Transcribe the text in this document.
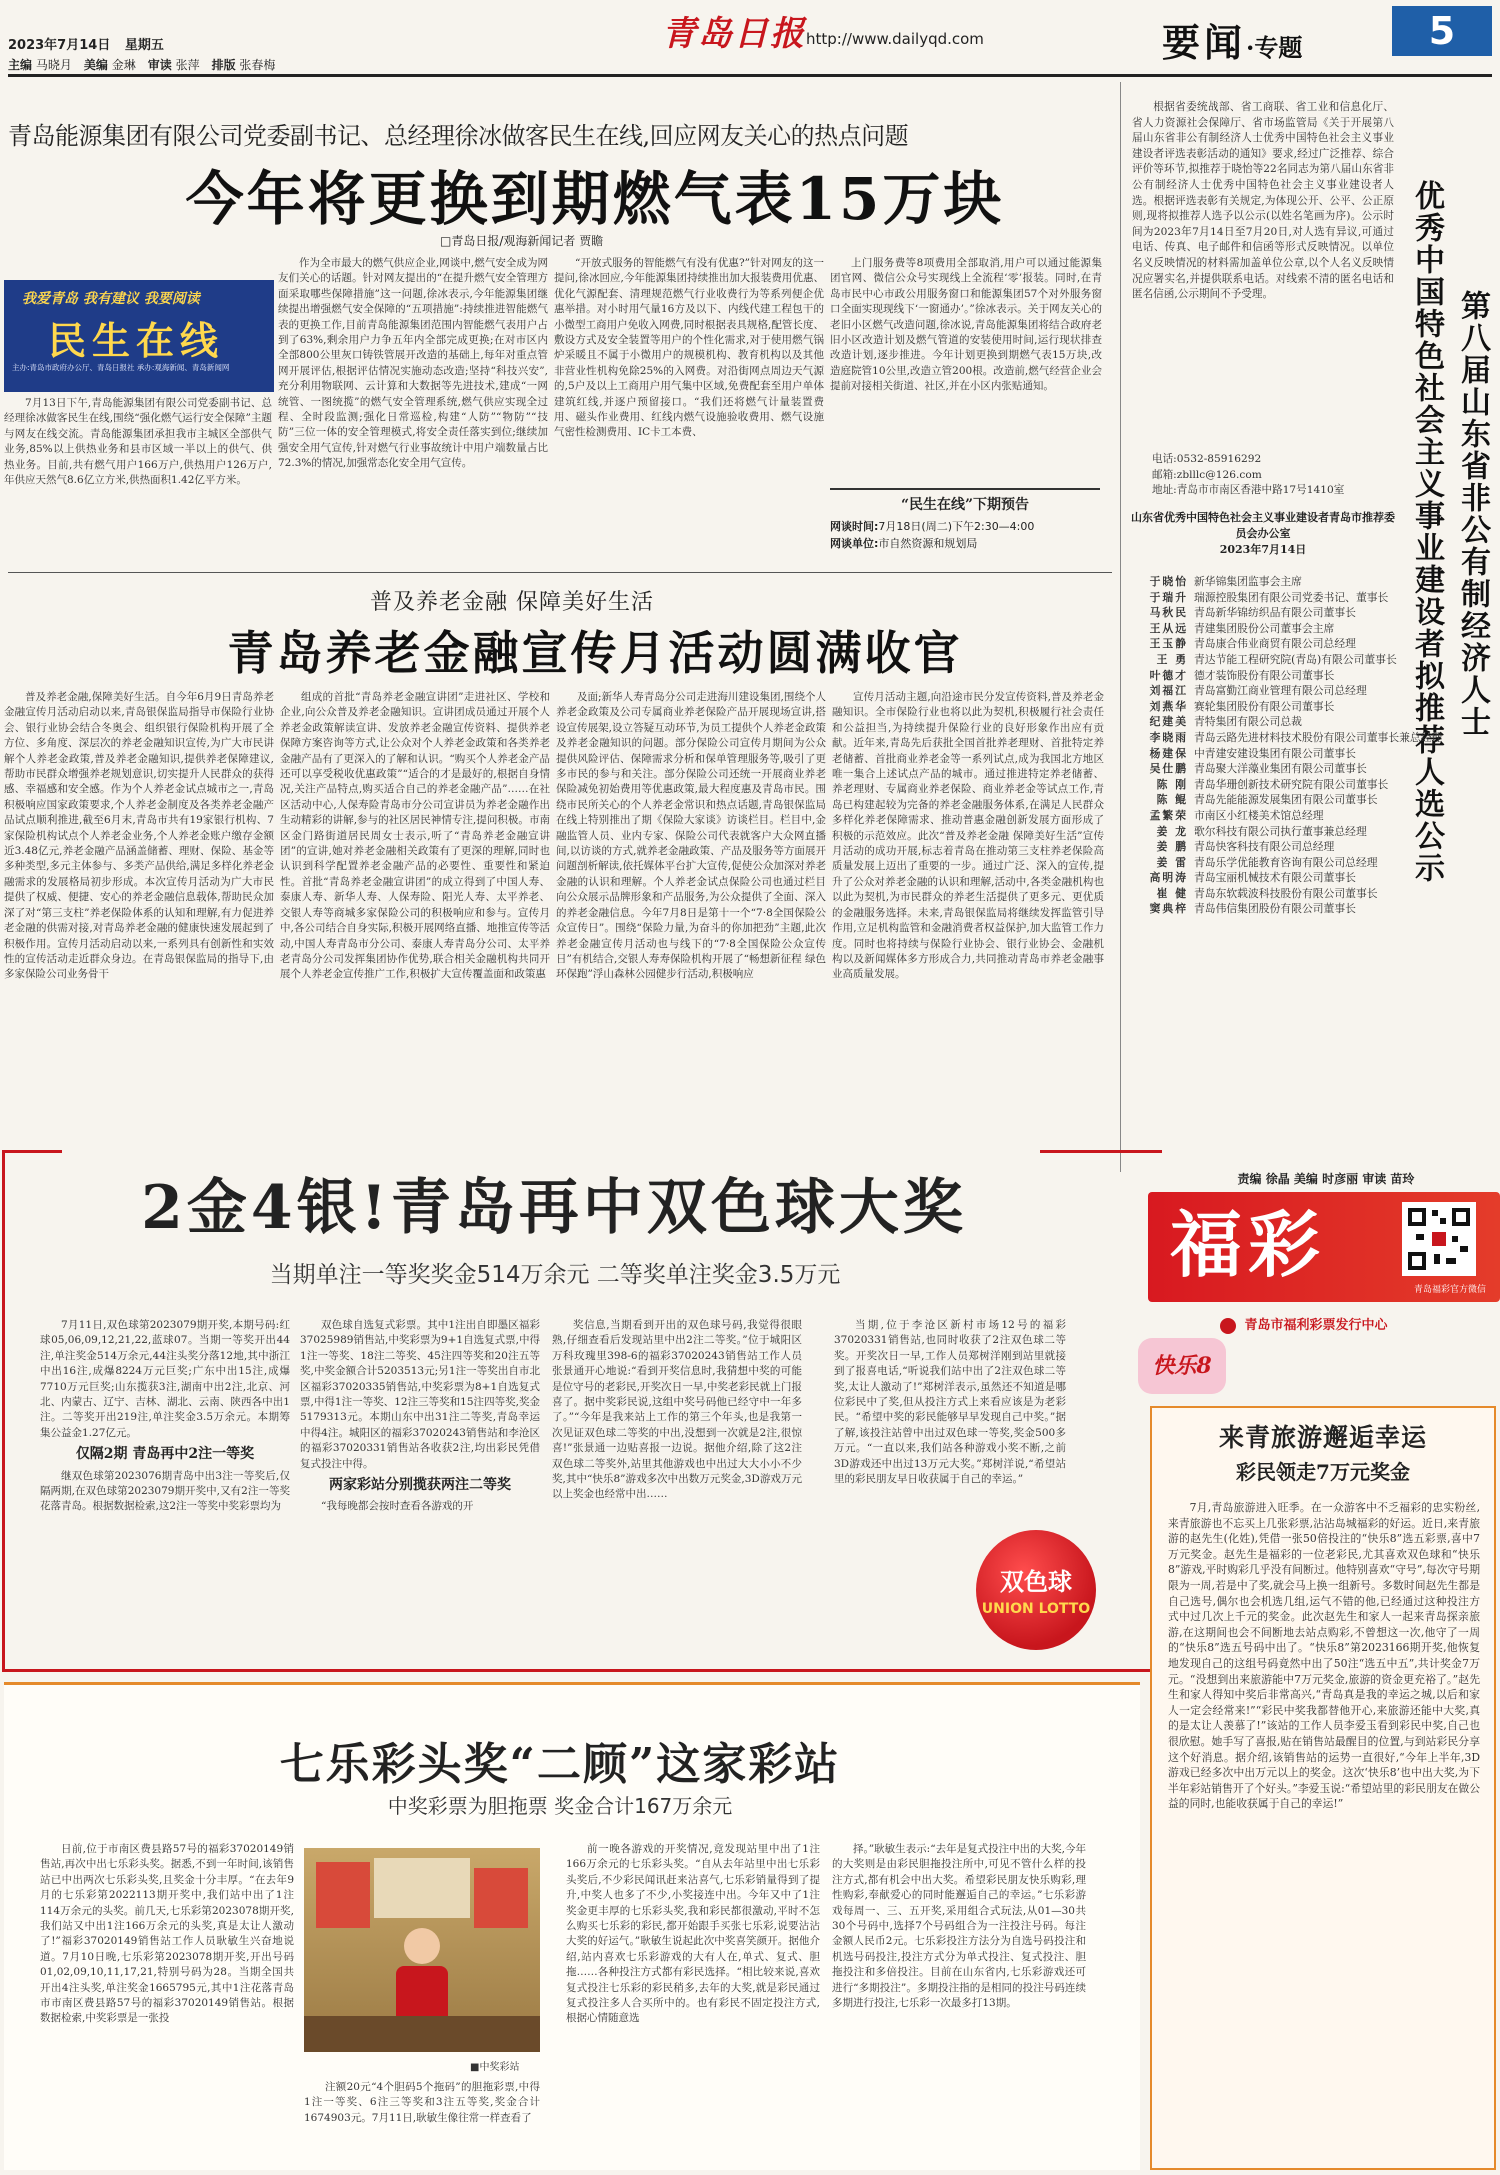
2023年7月14日 星期五
主编 马晓月 美编 金琳 审读 张萍 排版 张春梅
青岛日报 http://www.dailyqd.com	要闻·专题	5
青岛能源集团有限公司党委副书记、总经理徐冰做客民生在线,回应网友关心的热点问题
今年将更换到期燃气表15万块
□青岛日报/观海新闻记者 贾瞻
我爱青岛 我有建议 我要阅读
民生在线
主办:青岛市政府办公厅、青岛日报社 承办:观海新闻、青岛新闻网

7月13日下午,青岛能源集团有限公司党委副书记、总经理徐冰做客民生在线,围绕“强化燃气运行安全保障”主题与网友在线交流。青岛能源集团承担我市主城区全部供气业务,85%以上供热业务和县市区域一半以上的供气、供热业务。目前,共有燃气用户166万户,供热用户126万户,年供应天然气8.6亿立方米,供热面积1.42亿平方米。

作为全市最大的燃气供应企业,网谈中,燃气安全成为网友们关心的话题。针对网友提出的“在提升燃气安全管理方面采取哪些保障措施”这一问题,徐冰表示,今年能源集团继续提出增强燃气安全保障的“五项措施”:持续推进智能燃气表的更换工作,目前青岛能源集团范围内智能燃气表用户占到了63%,剩余用户力争五年内全部完成更换;在对市区内全部800公里灰口铸铁管展开改造的基础上,每年对重点管网开展评估,根据评估情况实施动态改造;坚持“科技兴安”,充分利用物联网、云计算和大数据等先进技术,建成“一网统管、一图统揽”的燃气安全管理系统,燃气供应实现全过程、全时段监测;强化日常巡检,构建“人防”“物防”“技防”三位一体的安全管理模式,将安全责任落实到位;继续加强安全用气宣传,针对燃气行业事故统计中用户端数量占比72.3%的情况,加强常态化安全用气宣传。

“开放式服务的智能燃气有没有优惠?”针对网友的这一提问,徐冰回应,今年能源集团持续推出加大报装费用优惠、优化气源配套、清理规范燃气行业收费行为等系列便企优惠举措。对小时用气量16方及以下、内线代建工程包干的小微型工商用户免收入网费,同时根据表具规格,配管长度、敷设方式及安全装置等用户的个性化需求,对于使用燃气锅炉采暖且不属于小微用户的规模机构、教育机构以及其他非营业性机构免除25%的入网费。对沿街网点周边天气源的,5户及以上工商用户用气集中区域,免费配套至用户单体建筑红线,并逐户预留接口。“我们还将燃气计量装置费用、磁头作业费用、红线内燃气设施验收费用、燃气设施气密性检测费用、IC卡工本费、

上门服务费等8项费用全部取消,用户可以通过能源集团官网、微信公众号实现线上全流程‘零’报装。同时,在青岛市民中心市政公用服务窗口和能源集团57个对外服务窗口全面实现现线下‘一窗通办’。”徐冰表示。关于网友关心的老旧小区燃气改造问题,徐冰说,青岛能源集团将结合政府老旧小区改造计划及燃气管道的安装使用时间,运行现状排查改造计划,逐步推进。今年计划更换到期燃气表15万块,改造庭院管10公里,改造立管200根。改造前,燃气经营企业会提前对接相关街道、社区,并在小区内张贴通知。

“民生在线”下期预告
网谈时间:7月18日(周二)下午2:30—4:00
网谈单位:市自然资源和规划局	第八届山东省非公有制经济人士
优秀中国特色社会主义事业建设者拟推荐人选公示

根据省委统战部、省工商联、省工业和信息化厅、省人力资源社会保障厅、省市场监管局《关于开展第八届山东省非公有制经济人士优秀中国特色社会主义事业建设者评选表彰活动的通知》要求,经过广泛推荐、综合评价等环节,拟推荐于晓怡等22名同志为第八届山东省非公有制经济人士优秀中国特色社会主义事业建设者人选。根据评选表彰有关规定,为体现公开、公平、公正原则,现将拟推荐人选予以公示(以姓名笔画为序)。公示时间为2023年7月14日至7月20日,对人选有异议,可通过电话、传真、电子邮件和信函等形式反映情况。以单位名义反映情况的材料需加盖单位公章,以个人名义反映情况应署实名,并提供联系电话。对线索不清的匿名电话和匿名信函,公示期间不予受理。

电话:0532-85916292
邮箱:zblllc@126.com
地址:青岛市市南区香港中路17号1410室
山东省优秀中国特色社会主义事业建设者青岛市推荐委员会办公室
2023年7月14日
于晓怡 新华锦集团监事会主席
于瑞升 瑞源控股集团有限公司党委书记、董事长
马秋民 青岛新华锦纺织品有限公司董事长
王从远 青建集团股份公司董事会主席
王玉静 青岛康合伟业商贸有限公司总经理
王 勇 青达节能工程研究院(青岛)有限公司董事长
叶德才 德才装饰股份有限公司董事长
刘福江 青岛富勤江商业管理有限公司总经理
刘燕华 赛轮集团股份有限公司董事长
纪建美 青特集团有限公司总裁
李晓雨 青岛云路先进材料技术股份有限公司董事长兼总经理
杨建保 中青建安建设集团有限公司董事长
吴仕鹏 青岛聚大洋藻业集团有限公司董事长
陈 刚 青岛华珊创新技术研究院有限公司董事长
陈 鲲 青岛先能能源发展集团有限公司董事长
孟繁荣 市南区小红楼美术馆总经理
姜 龙 歌尔科技有限公司执行董事兼总经理
姜 鹏 青岛快客科技有限公司总经理
姜 雷 青岛乐学优能教育咨询有限公司总经理
高明涛 青岛宝丽机械技术有限公司董事长
崔 健 青岛东软载波科技股份有限公司董事长
窦典梓 青岛伟信集团股份有限公司董事长
普及养老金融 保障美好生活
青岛养老金融宣传月活动圆满收官

普及养老金融,保障美好生活。自今年6月9日青岛养老金融宣传月活动启动以来,青岛银保监局指导市保险行业协会、银行业协会结合冬奥会、组织银行保险机构开展了全方位、多角度、深层次的养老金融知识宣传,为广大市民讲解个人养老金政策,普及养老金融知识,提供养老保障建议,帮助市民群众增强养老规划意识,切实提升人民群众的获得感、幸福感和安全感。作为个人养老金试点城市之一,青岛积极响应国家政策要求,个人养老金制度及各类养老金融产品试点顺利推进,截至6月末,青岛市共有19家银行机构、7家保险机构试点个人养老金业务,个人养老金账户缴存金额近3.48亿元,养老金融产品涵盖储蓄、理财、保险、基金等多种类型,多元主体参与、多类产品供给,满足多样化养老金融需求的发展格局初步形成。本次宣传月活动为广大市民提供了权威、便捷、安心的养老金融信息载体,帮助民众加深了对“第三支柱”养老保险体系的认知和理解,有力促进养老金融的供需对接,对青岛养老金融的健康快速发展起到了积极作用。宣传月活动启动以来,一系列具有创新性和实效性的宣传活动走近群众身边。在青岛银保监局的指导下,由多家保险公司业务骨干

组成的首批“青岛养老金融宣讲团”走进社区、学校和企业,向公众普及养老金融知识。宣讲团成员通过开展个人养老金政策解读宣讲、发放养老金融宣传资料、提供养老保障方案咨询等方式,让公众对个人养老金政策和各类养老金融产品有了更深入的了解和认识。“购买个人养老金产品还可以享受税收优惠政策”“适合的才是最好的,根据自身情况,关注产品特点,购买适合自己的养老金融产品”……在社区活动中心,人保寿险青岛市分公司宣讲员为养老金融作出生动精彩的讲解,参与的社区居民神情专注,提问积极。市南区金门路街道居民周女士表示,听了“青岛养老金融宣讲团”的宣讲,她对养老金融相关政策有了更深的理解,同时也认识到科学配置养老金融产品的必要性、重要性和紧迫性。首批“青岛养老金融宣讲团”的成立得到了中国人寿、泰康人寿、新华人寿、人保寿险、阳光人寿、太平养老、交银人寿等商城多家保险公司的积极响应和参与。宣传月中,各公司结合自身实际,积极开展网络直播、地推宣传等活动,中国人寿青岛市分公司、泰康人寿青岛分公司、太平养老青岛分公司发挥集团协作优势,联合相关金融机构共同开展个人养老金宣传推广工作,积极扩大宣传覆盖面和政策惠

及面;新华人寿青岛分公司走进海川建设集团,围绕个人养老金政策及公司专属商业养老保险产品开展现场宣讲,搭设宣传展架,设立答疑互动环节,为员工提供个人养老金政策及养老金融知识的问题。部分保险公司宣传月期间为公众提供风险评估、保障需求分析和保单管理服务等,吸引了更多市民的参与和关注。部分保险公司还统一开展商业养老保险减免初始费用等优惠政策,最大程度惠及青岛市民。围绕市民所关心的个人养老金常识和热点话题,青岛银保监局在线上特别推出了期《保险大家谈》访谈栏目。栏目中,金融监管人员、业内专家、保险公司代表就客户大众网直播间,以访谈的方式,就养老金融政策、产品及服务等方面展开问题剖析解读,依托媒体平台扩大宣传,促使公众加深对养老金融的认识和理解。个人养老金试点保险公司也通过栏目向公众展示品牌形象和产品服务,为公众提供了全面、深入的养老金融信息。今年7月8日是第十一个“7·8全国保险公众宣传日”。围绕“保险力量,为奋斗的你加把劲”主题,此次养老金融宣传月活动也与线下的“7·8全国保险公众宣传日”有机结合,交银人寿寿保险机构开展了“畅想新征程 绿色环保跑”浮山森林公园健步行活动,积极响应

宣传月活动主题,向沿途市民分发宣传资料,普及养老金融知识。全市保险行业也将以此为契机,积极履行社会责任和公益担当,为持续提升保险行业的良好形象作出应有贡献。近年来,青岛先后获批全国首批养老理财、首批特定养老储蓄、首批商业养老金等一系列试点,成为我国北方地区唯一集合上述试点产品的城市。通过推进特定养老储蓄、养老理财、专属商业养老保险、商业养老金等试点工作,青岛已构建起较为完备的养老金融服务体系,在满足人民群众多样化养老保障需求、推动普惠金融创新发展方面形成了积极的示范效应。此次“普及养老金融 保障美好生活”宣传月活动的成功开展,标志着青岛在推动第三支柱养老保险高质量发展上迈出了重要的一步。通过广泛、深入的宣传,提升了公众对养老金融的认识和理解,活动中,各类金融机构也以此为契机,为市民群众的养老生活提供了更多元、更优质的金融服务选择。未来,青岛银保监局将继续发挥监管引导作用,立足机构监管和金融消费者权益保护,加大监管工作力度。同时也将持续与保险行业协会、银行业协会、金融机构以及新闻媒体多方形成合力,共同推动青岛市养老金融事业高质量发展。

2金4银!青岛再中双色球大奖
当期单注一等奖奖金514万余元 二等奖单注奖金3.5万元
责编 徐晶 美编 时彦丽 审读 苗玲

7月11日,双色球第2023079期开奖,本期号码:红球05,06,09,12,21,22,蓝球07。当期一等奖开出44注,单注奖金514万余元,44注头奖分落12地,其中浙江中出16注,成爆8224万元巨奖;广东中出15注,成爆7710万元巨奖;山东揽获3注,湖南中出2注,北京、河北、内蒙古、辽宁、吉林、湖北、云南、陕西各中出1注。二等奖开出219注,单注奖金3.5万余元。本期筹集公益金1.27亿元。

仅隔2期 青岛再中2注一等奖

继双色球第2023076期青岛中出3注一等奖后,仅隔两期,在双色球第2023079期开奖中,又有2注一等奖花落青岛。根据数据检索,这2注一等奖中奖彩票均为

双色球自选复式彩票。其中1注出自即墨区福彩37025989销售站,中奖彩票为9+1自选复式票,中得1注一等奖、18注二等奖、45注四等奖和20注五等奖,中奖金额合计5203513元;另1注一等奖出自市北区福彩37020335销售站,中奖彩票为8+1自选复式票,中得1注一等奖、12注三等奖和15注四等奖,奖金5179313元。本期山东中出31注二等奖,青岛幸运中得4注。城阳区的福彩37020243销售站和李沧区的福彩37020331销售站各收获2注,均出彩民凭借复式投注中得。

两家彩站分别揽获两注二等奖

“我每晚都会按时查看各游戏的开

奖信息,当期看到开出的双色球号码,我觉得很眼熟,仔细查看后发现站里中出2注二等奖。”位于城阳区万科玫瑰里398-6的福彩37020243销售站工作人员张景通开心地说:“看到开奖信息时,我猜想中奖的可能是位守号的老彩民,开奖次日一早,中奖老彩民就上门报喜了。据中奖彩民说,这组中奖号码他已经守中一年多了。”“今年是我来站上工作的第三个年头,也是我第一次见证双色球二等奖的中出,没想到一次就是2注,很惊喜!”张景通一边贴喜报一边说。据他介绍,除了这2注双色球二等奖外,站里其他游戏也中出过大大小小不少奖,其中“快乐8”游戏多次中出数万元奖金,3D游戏万元以上奖金也经常中出……

当期,位于李沧区新村市场12号的福彩37020331销售站,也同时收获了2注双色球二等奖。开奖次日一早,工作人员郑树洋刚到站里就接到了报喜电话,“听说我们站中出了2注双色球二等奖,太让人激动了!”郑树洋表示,虽然还不知道是哪位彩民中了奖,但从投注方式上来看应该是为老彩民。“希望中奖的彩民能够早早发现自己中奖。”据了解,该投注站曾中出过双色球一等奖,奖金500多万元。“一直以来,我们站各种游戏小奖不断,之前3D游戏还中出过13万元大奖。”郑树洋说,“希望站里的彩民朋友早日收获属于自己的幸运。”

双色球
UNION LOTTO
福彩
青岛福彩官方微信
青岛市福利彩票发行中心
快乐8
来青旅游邂逅幸运
彩民领走7万元奖金

7月,青岛旅游进入旺季。在一众游客中不乏福彩的忠实粉丝,来青旅游也不忘买上几张彩票,沾沾岛城福彩的好运。近日,来青旅游的赵先生(化姓),凭借一张50倍投注的“快乐8”选五彩票,喜中7万元奖金。赵先生是福彩的一位老彩民,尤其喜欢双色球和“快乐8”游戏,平时购彩几乎没有间断过。他特别喜欢“守号”,每次守号期限为一周,若是中了奖,就会马上换一组新号。多数时间赵先生都是自己选号,偶尔也会机选几组,运气不错的他,已经通过这种投注方式中过几次上千元的奖金。此次赵先生和家人一起来青岛探亲旅游,在这期间也会不间断地去站点购彩,不曾想这一次,他守了一周的“快乐8”选五号码中出了。“快乐8”第2023166期开奖,他恢复地发现自己的这组号码竟然中出了50注“选五中五”,共计奖金7万元。“没想到出来旅游能中7万元奖金,旅游的资金更充裕了。”赵先生和家人得知中奖后非常高兴,“青岛真是我的幸运之城,以后和家人一定会经常来!”“彩民中奖我都替他开心,来旅游还能中大奖,真的是太让人羡慕了!”该站的工作人员李爱玉看到彩民中奖,自己也很欣慰。她手写了喜报,贴在销售站最醒目的位置,与到站彩民分享这个好消息。据介绍,该销售站的运势一直很好,“今年上半年,3D游戏已经多次中出万元以上的奖金。这次‘快乐8’也中出大奖,为下半年彩站销售开了个好头。”李爱玉说:“希望站里的彩民朋友在做公益的同时,也能收获属于自己的幸运!”

七乐彩头奖“二顾”这家彩站
中奖彩票为胆拖票 奖金合计167万余元

日前,位于市南区费县路57号的福彩37020149销售站,再次中出七乐彩头奖。据悉,不到一年时间,该销售站已中出两次七乐彩头奖,且奖金十分丰厚。“在去年9月的七乐彩第2022113期开奖中,我们站中出了1注114万余元的头奖。前几天,七乐彩第2023078期开奖,我们站又中出1注166万余元的头奖,真是太让人激动了!”福彩37020149销售站工作人员耿敏生兴奋地说道。7月10日晚,七乐彩第2023078期开奖,开出号码01,02,09,10,11,17,21,特别号码为28。当期全国共开出4注头奖,单注奖金1665795元,其中1注花落青岛市市南区费县路57号的福彩37020149销售站。根据数据检索,中奖彩票是一张投

■中奖彩站

注额20元“4个胆码5个拖码”的胆拖彩票,中得1注一等奖、6注三等奖和3注五等奖,奖金合计1674903元。7月11日,耿敏生像往常一样查看了

前一晚各游戏的开奖情况,竟发现站里中出了1注166万余元的七乐彩头奖。“自从去年站里中出七乐彩头奖后,不少彩民闻讯赶来沾喜气,七乐彩销量得到了提升,中奖人也多了不少,小奖接连中出。今年又中了1注奖金更丰厚的七乐彩头奖,我和彩民都很激动,平时不怎么购买七乐彩的彩民,都开始跟手买张七乐彩,说要沾沾大奖的好运气。”耿敏生说起此次中奖喜笑颜开。据他介绍,站内喜欢七乐彩游戏的大有人在,单式、复式、胆拖……各种投注方式都有彩民选择。“相比较来说,喜欢复式投注七乐彩的彩民稍多,去年的大奖,就是彩民通过复式投注多人合买所中的。也有彩民不固定投注方式,根据心情随意选

择。”耿敏生表示:“去年是复式投注中出的大奖,今年的大奖则是由彩民胆拖投注所中,可见不管什么样的投注方式,都有机会中出大奖。希望彩民朋友快乐购彩,理性购彩,奉献爱心的同时能邂逅自己的幸运。”七乐彩游戏每周一、三、五开奖,采用组合式玩法,从01—30共30个号码中,选择7个号码组合为一注投注号码。每注金额人民币2元。七乐彩投注方法分为自选号码投注和机选号码投注,投注方式分为单式投注、复式投注、胆拖投注和多倍投注。目前在山东省内,七乐彩游戏还可进行“多期投注”。多期投注指的是相同的投注号码连续多期进行投注,七乐彩一次最多打13期。
